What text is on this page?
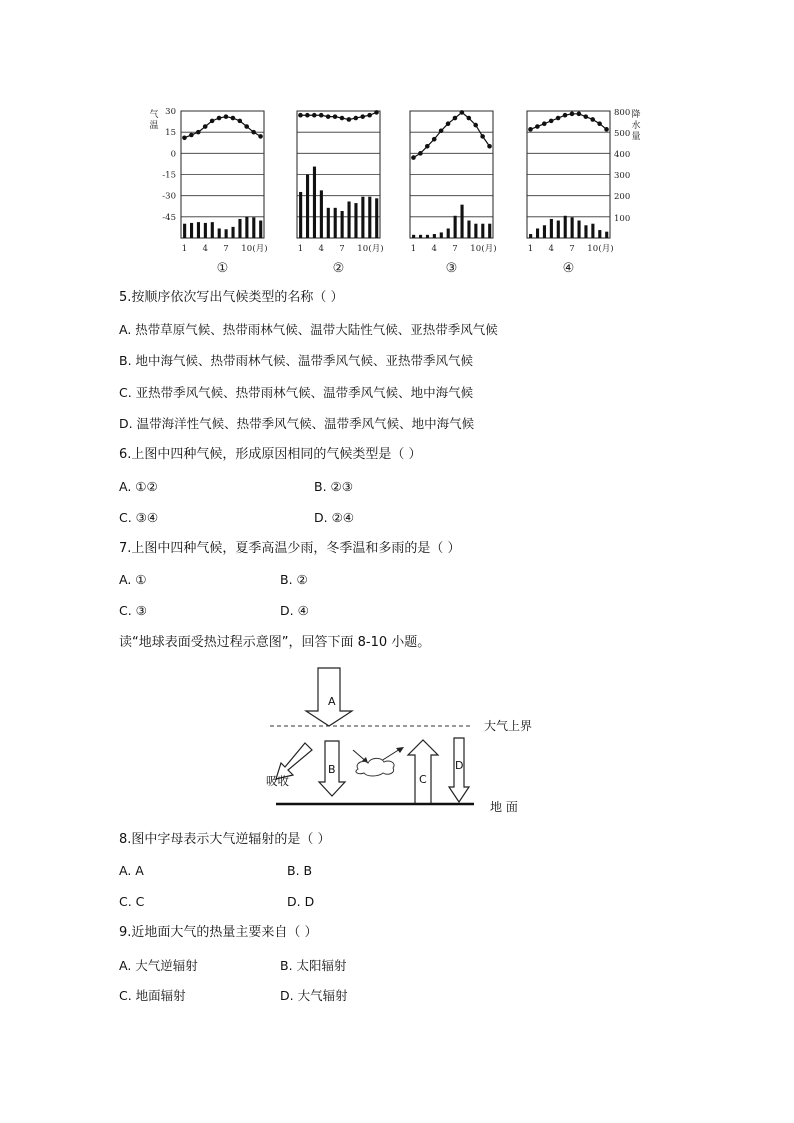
1 4 7 10 (月)
①
1 4 7 10 (月)
②
1 4 7 10 (月)
③
1 4 7 10 (月)
④
30
15
0
-15
-30
-45
气
温
800
500
400
300
200
100
降
水
量
5.按顺序依次写出气候类型的名称（ ）
A. 热带草原气候、热带雨林气候、温带大陆性气候、亚热带季风气候
B. 地中海气候、热带雨林气候、温带季风气候、亚热带季风气候
C. 亚热带季风气候、热带雨林气候、温带季风气候、地中海气候
D. 温带海洋性气候、热带季风气候、温带季风气候、地中海气候
6.上图中四种气候，形成原因相同的气候类型是（ ）
A. ①②	B. ②③
C. ③④	D. ②④
7.上图中四种气候，夏季高温少雨，冬季温和多雨的是（ ）
A. ①	B. ②
C. ③	D. ④
读“地球表面受热过程示意图”，回答下面 8-10 小题。
A
大气上界
吸收
B
C
D
地 面
8.图中字母表示大气逆辐射的是（ ）
A. A	B. B
C. C	D. D
9.近地面大气的热量主要来自（ ）
A. 大气逆辐射	B. 太阳辐射
C. 地面辐射	D. 大气辐射
